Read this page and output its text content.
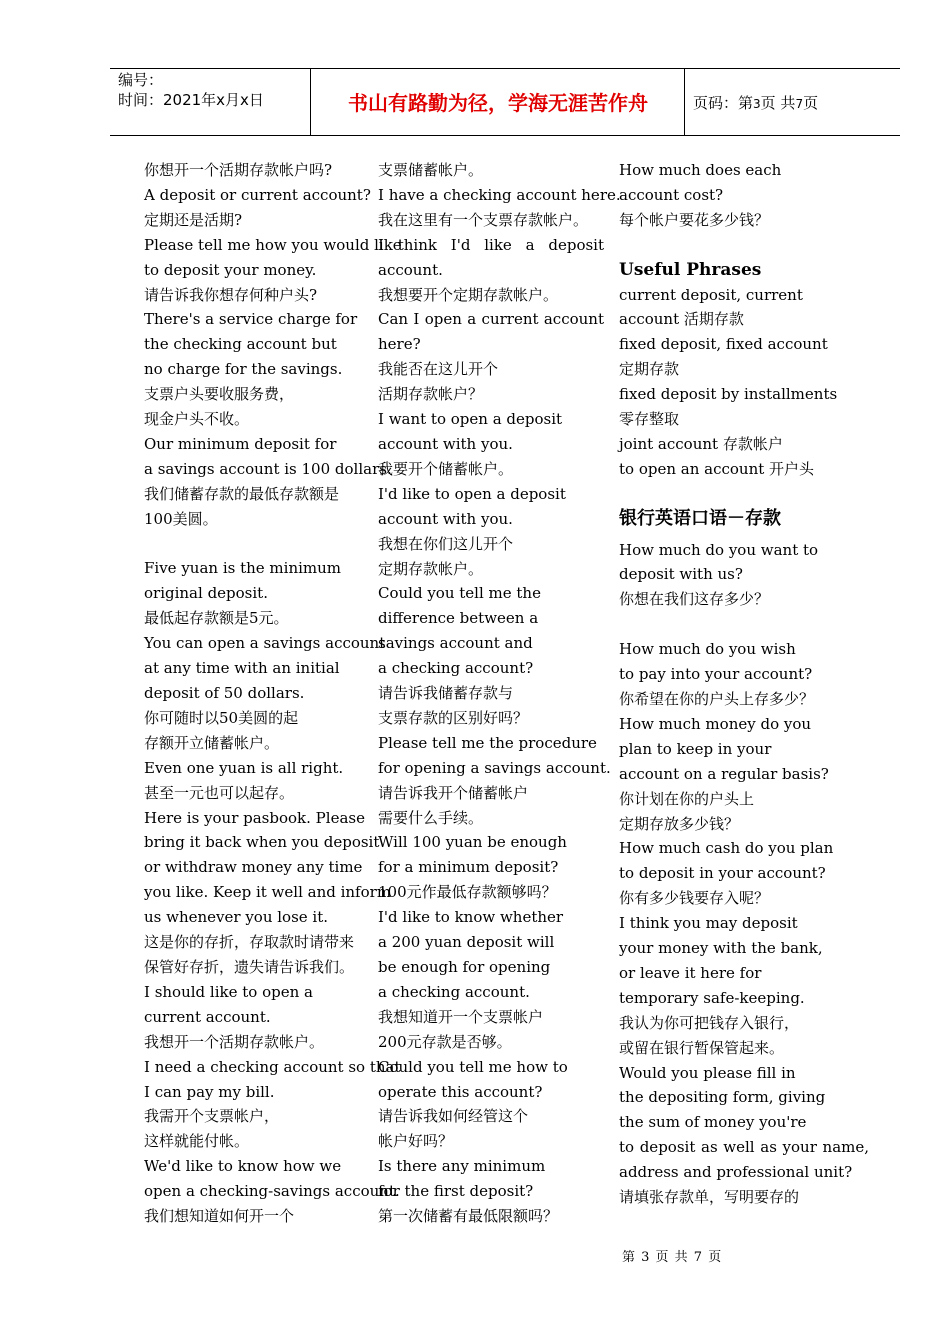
编号：
时间：2021年x月x日	书山有路勤为径，学海无涯苦作舟	页码：第3页 共7页
你想开一个活期存款帐户吗?
A deposit or current account?
定期还是活期?
Please tell me how you would like
to deposit your money.
请告诉我你想存何种户头?
There's a service charge for
the checking account but
no charge for the savings.
支票户头要收服务费，
现金户头不收。
Our minimum deposit for
a savings account is 100 dollars.
我们储蓄存款的最低存款额是
100美圆。
Five yuan is the minimum
original deposit.
最低起存款额是5元。
You can open a savings account
at any time with an initial
deposit of 50 dollars.
你可随时以50美圆的起
存额开立储蓄帐户。
Even one yuan is all right.
甚至一元也可以起存。
Here is your pasbook. Please
bring it back when you deposit
or withdraw money any time
you like. Keep it well and inform
us whenever you lose it.
这是你的存折，存取款时请带来
保管好存折，遗失请告诉我们。
I should like to open a
current account.
我想开一个活期存款帐户。
I need a checking account so that
I can pay my bill.
我需开个支票帐户，
这样就能付帐。
We'd like to know how we
open a checking-savings account.
我们想知道如何开一个
支票储蓄帐户。
I have a checking account here.
我在这里有一个支票存款帐户。
I think I'd like a deposit
account.
我想要开个定期存款帐户。
Can I open a current account
here?
我能否在这儿开个
活期存款帐户？
I want to open a deposit
account with you.
我要开个储蓄帐户。
I'd like to open a deposit
account with you.
我想在你们这儿开个
定期存款帐户。
Could you tell me the
difference between a
savings account and
a checking account?
请告诉我储蓄存款与
支票存款的区别好吗？
Please tell me the procedure
for opening a savings account.
请告诉我开个储蓄帐户
需要什么手续。
Will 100 yuan be enough
for a minimum deposit?
100元作最低存款额够吗？
I'd like to know whether
a 200 yuan deposit will
be enough for opening
a checking account.
我想知道开一个支票帐户
200元存款是否够。
Could you tell me how to
operate this account?
请告诉我如何经管这个
帐户好吗？
Is there any minimum
for the first deposit?
第一次储蓄有最低限额吗？
How much does each
account cost?
每个帐户要花多少钱？
Useful Phrases
current deposit, current
account 活期存款
fixed deposit, fixed account
定期存款
fixed deposit by installments
零存整取
joint account 存款帐户
to open an account 开户头
银行英语口语－存款
How much do you want to
deposit with us?
你想在我们这存多少？
How much do you wish
to pay into your account?
你希望在你的户头上存多少？
How much money do you
plan to keep in your
account on a regular basis?
你计划在你的户头上
定期存放多少钱？
How much cash do you plan
to deposit in your account?
你有多少钱要存入呢？
I think you may deposit
your money with the bank,
or leave it here for
temporary safe-keeping.
我认为你可把钱存入银行，
或留在银行暂保管起来。
Would you please fill in
the depositing form, giving
the sum of money you're
to deposit as well as your name,
address and professional unit?
请填张存款单，写明要存的
第 3 页 共 7 页
